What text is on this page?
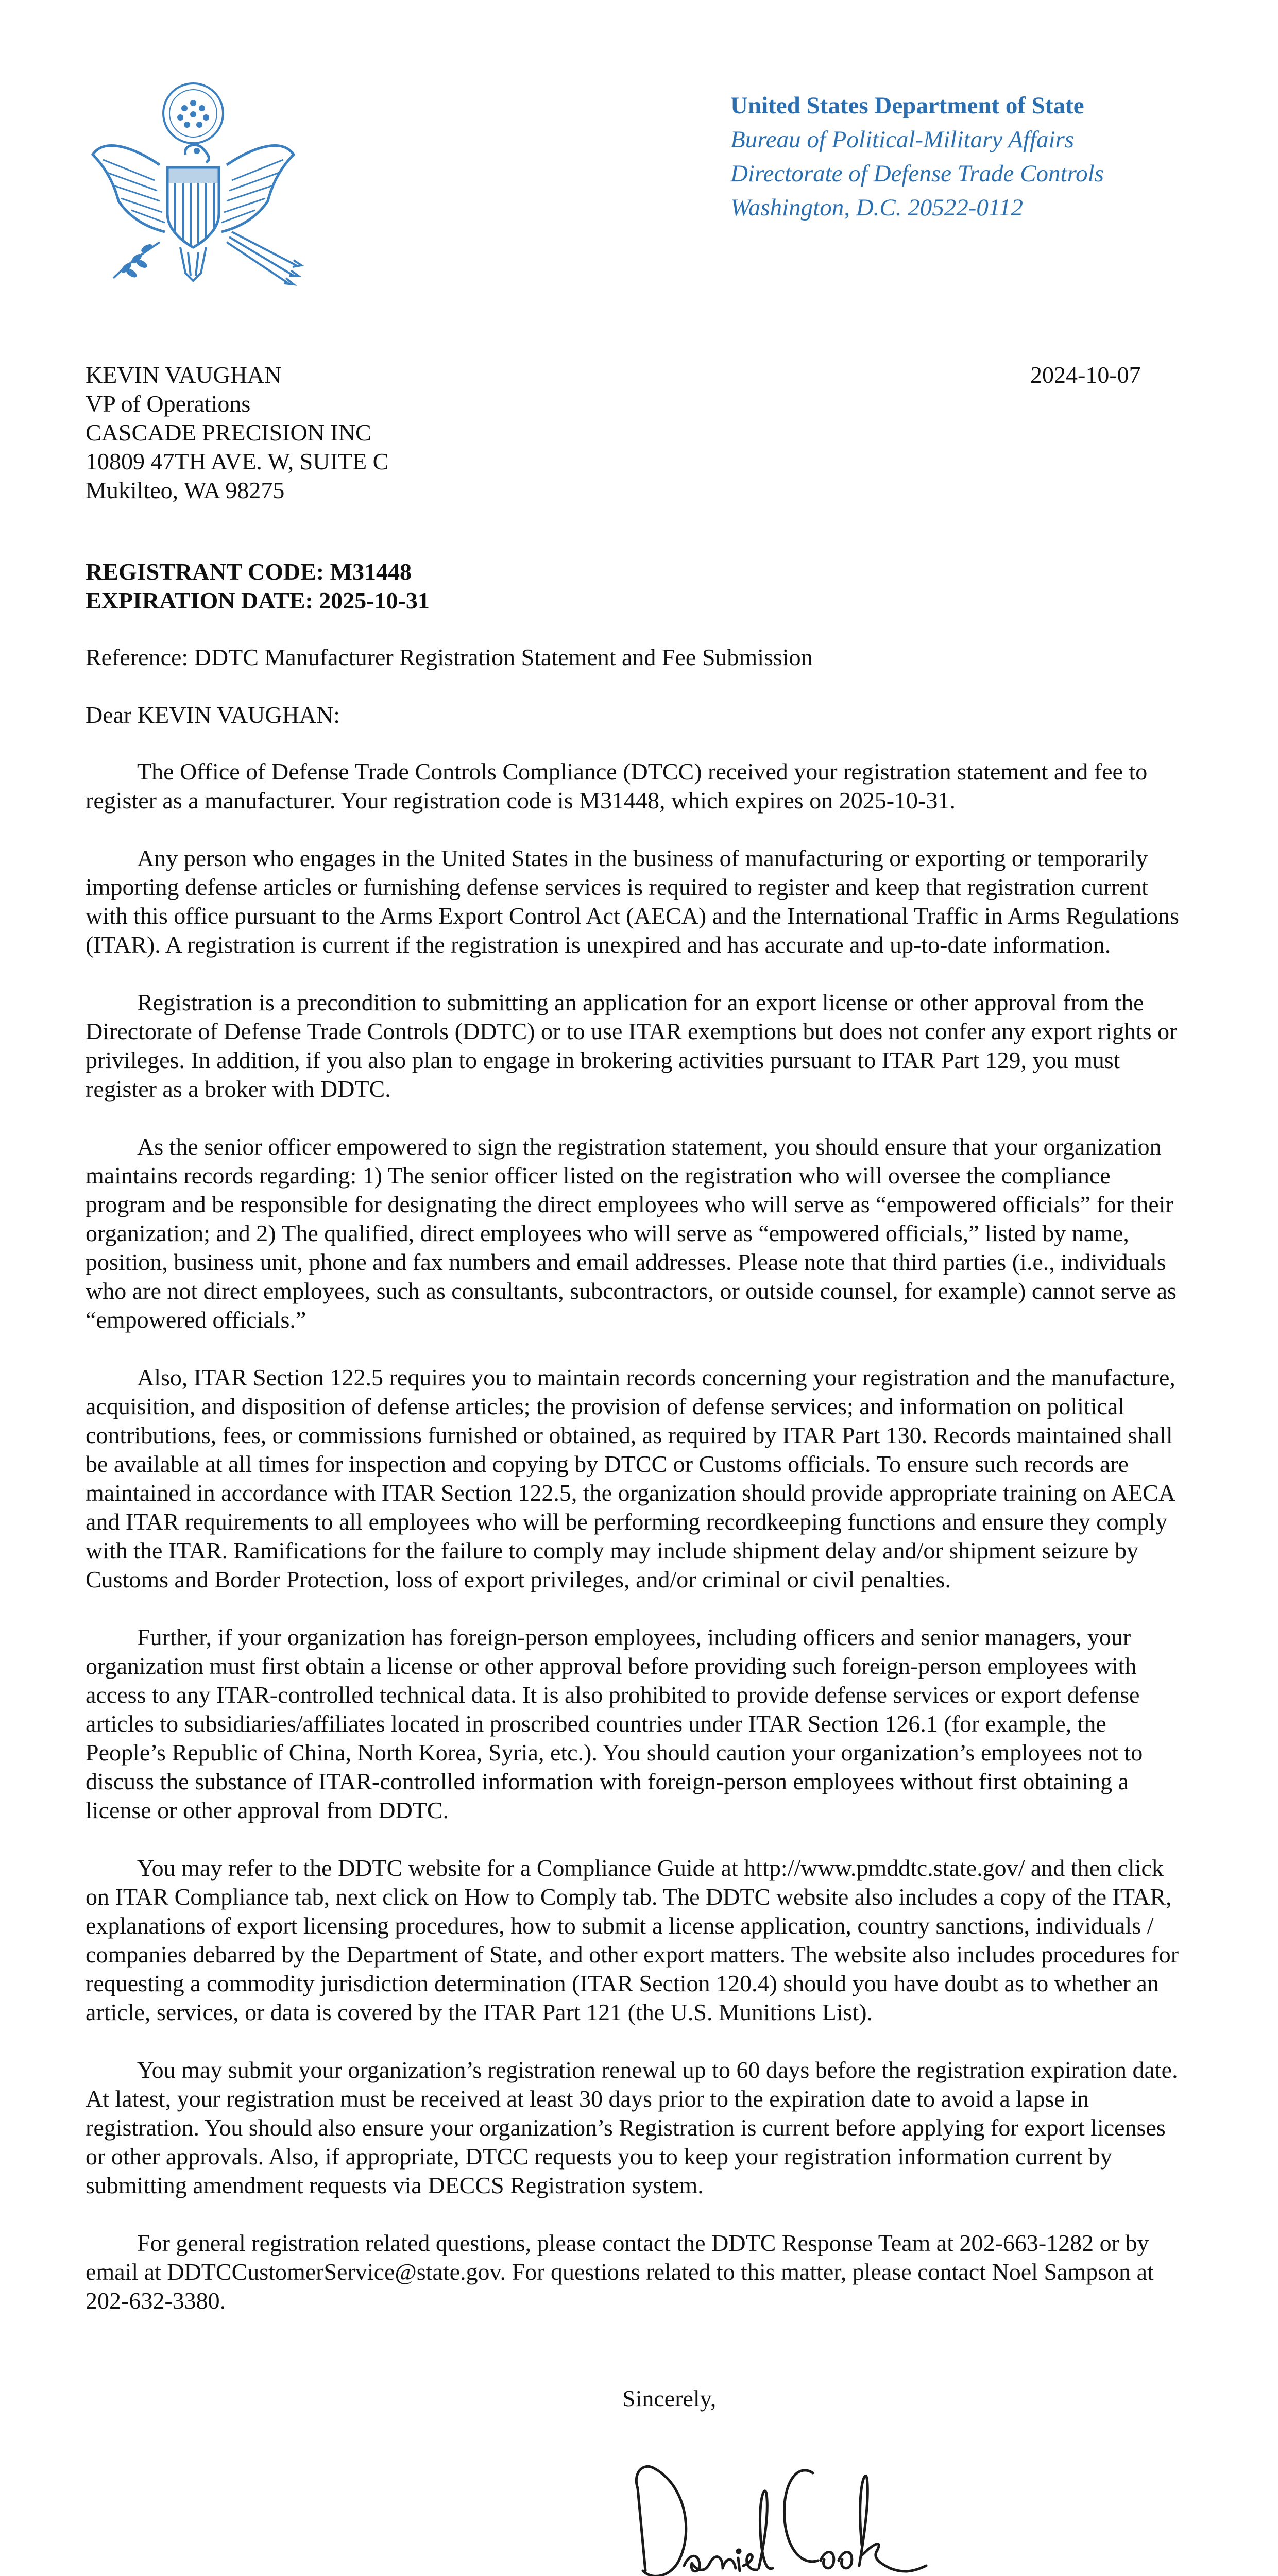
United States Department of State
Bureau of Political-Military Affairs
Directorate of Defense Trade Controls
Washington, D.C. 20522-0112
2024-10-07
KEVIN VAUGHAN
VP of Operations
CASCADE PRECISION INC
10809 47TH AVE. W, SUITE C
Mukilteo, WA 98275
REGISTRANT CODE: M31448
EXPIRATION DATE: 2025-10-31
Reference: DDTC Manufacturer Registration Statement and Fee Submission
Dear KEVIN VAUGHAN:

The Office of Defense Trade Controls Compliance (DTCC) received your registration statement and fee to register as a manufacturer. Your registration code is M31448, which expires on 2025-10-31.

Any person who engages in the United States in the business of manufacturing or exporting or temporarily importing defense articles or furnishing defense services is required to register and keep that registration current with this office pursuant to the Arms Export Control Act (AECA) and the International Traffic in Arms Regulations (ITAR). A registration is current if the registration is unexpired and has accurate and up-to-date information.

Registration is a precondition to submitting an application for an export license or other approval from the Directorate of Defense Trade Controls (DDTC) or to use ITAR exemptions but does not confer any export rights or privileges. In addition, if you also plan to engage in brokering activities pursuant to ITAR Part 129, you must register as a broker with DDTC.

As the senior officer empowered to sign the registration statement, you should ensure that your organization maintains records regarding: 1) The senior officer listed on the registration who will oversee the compliance program and be responsible for designating the direct employees who will serve as “empowered officials” for their organization; and 2) The qualified, direct employees who will serve as “empowered officials,” listed by name, position, business unit, phone and fax numbers and email addresses. Please note that third parties (i.e., individuals who are not direct employees, such as consultants, subcontractors, or outside counsel, for example) cannot serve as “empowered officials.”

Also, ITAR Section 122.5 requires you to maintain records concerning your registration and the manufacture, acquisition, and disposition of defense articles; the provision of defense services; and information on political contributions, fees, or commissions furnished or obtained, as required by ITAR Part 130. Records maintained shall be available at all times for inspection and copying by DTCC or Customs officials. To ensure such records are maintained in accordance with ITAR Section 122.5, the organization should provide appropriate training on AECA and ITAR requirements to all employees who will be performing recordkeeping functions and ensure they comply with the ITAR. Ramifications for the failure to comply may include shipment delay and/or shipment seizure by Customs and Border Protection, loss of export privileges, and/or criminal or civil penalties.

Further, if your organization has foreign-person employees, including officers and senior managers, your organization must first obtain a license or other approval before providing such foreign-person employees with access to any ITAR-controlled technical data. It is also prohibited to provide defense services or export defense articles to subsidiaries/affiliates located in proscribed countries under ITAR Section 126.1 (for example, the People’s Republic of China, North Korea, Syria, etc.). You should caution your organization’s employees not to discuss the substance of ITAR-controlled information with foreign-person employees without first obtaining a license or other approval from DDTC.

You may refer to the DDTC website for a Compliance Guide at http://www.pmddtc.state.gov/ and then click on ITAR Compliance tab, next click on How to Comply tab. The DDTC website also includes a copy of the ITAR, explanations of export licensing procedures, how to submit a license application, country sanctions, individuals / companies debarred by the Department of State, and other export matters. The website also includes procedures for requesting a commodity jurisdiction determination (ITAR Section 120.4) should you have doubt as to whether an article, services, or data is covered by the ITAR Part 121 (the U.S. Munitions List).

You may submit your organization’s registration renewal up to 60 days before the registration expiration date. At latest, your registration must be received at least 30 days prior to the expiration date to avoid a lapse in registration. You should also ensure your organization’s Registration is current before applying for export licenses or other approvals. Also, if appropriate, DTCC requests you to keep your registration information current by submitting amendment requests via DECCS Registration system.

For general registration related questions, please contact the DDTC Response Team at 202-663-1282 or by email at DDTCCustomerService@state.gov. For questions related to this matter, please contact Noel Sampson at 202-632-3380.

Sincerely,
